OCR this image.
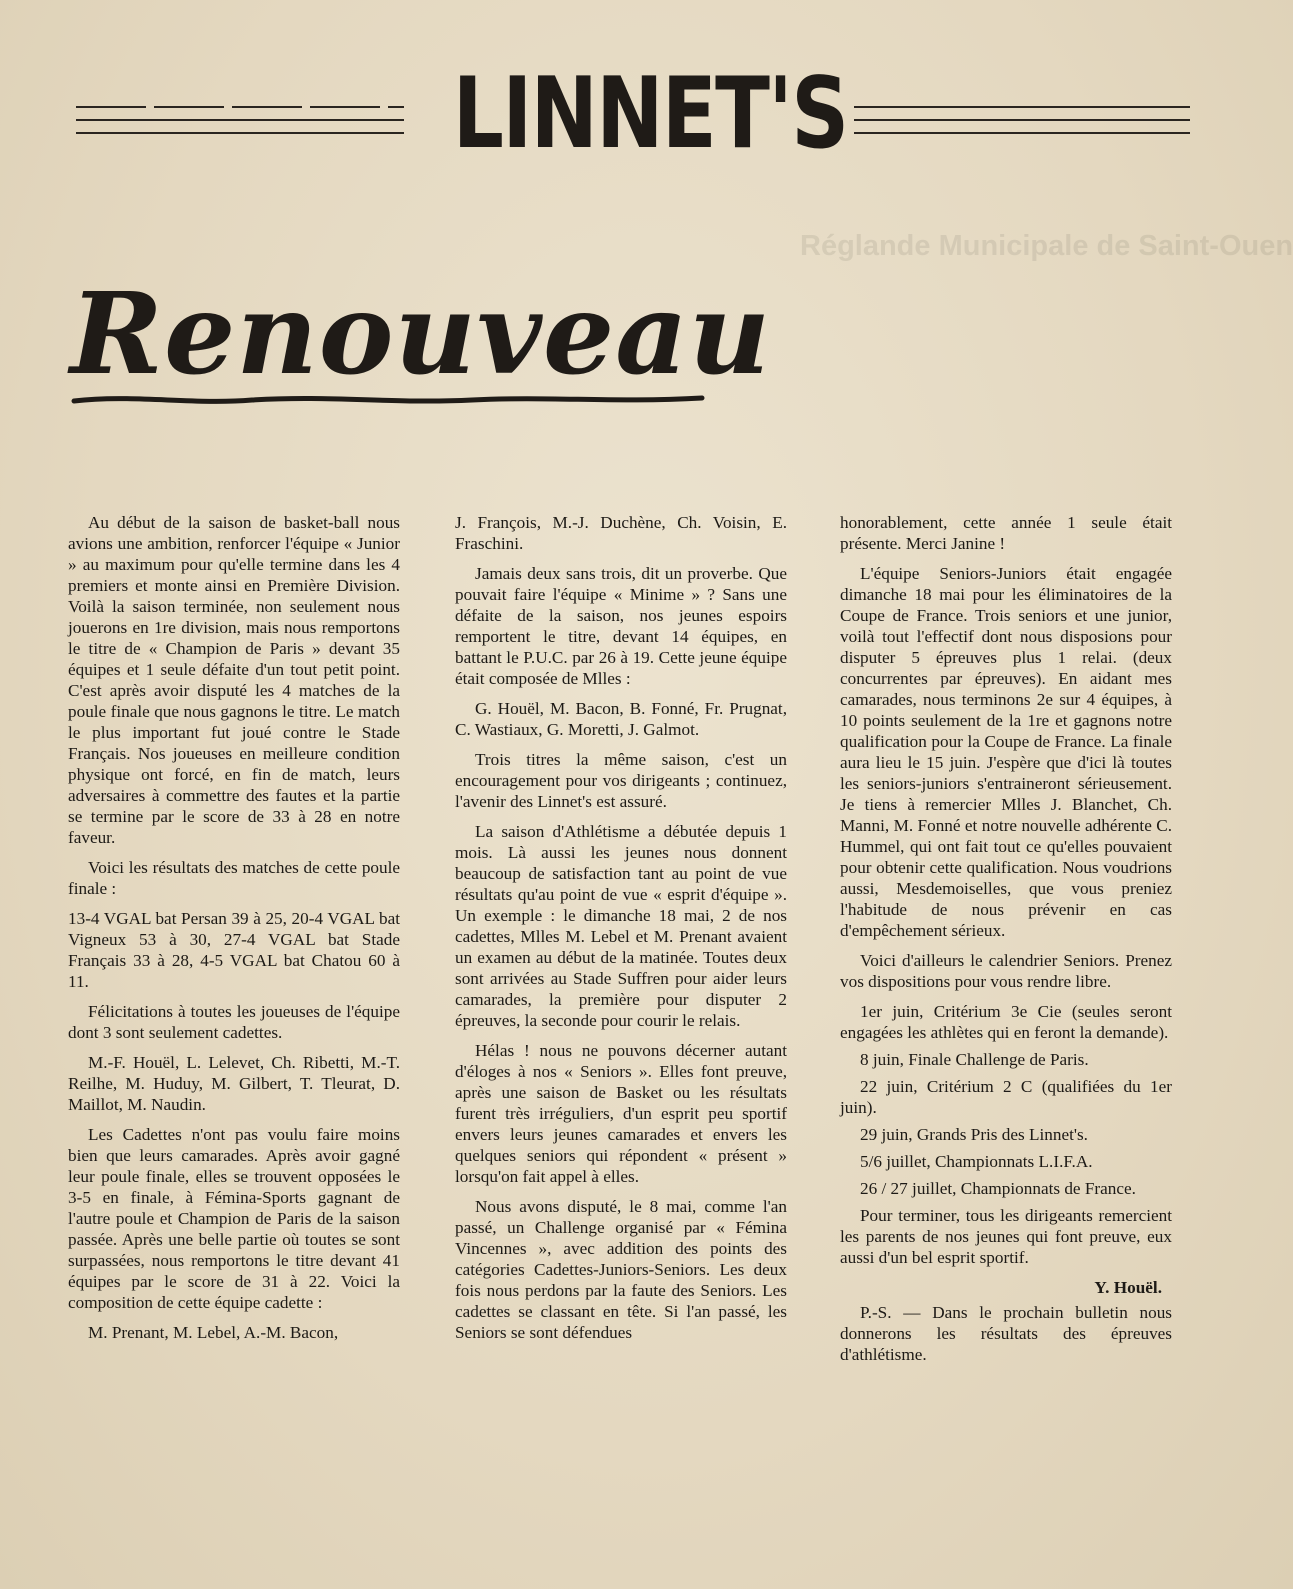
LINNET'S
Réglande Municipale de Saint-Ouen
Renouveau

Au début de la saison de basket-ball nous avions une ambition, renforcer l'équipe « Junior » au maximum pour qu'elle termine dans les 4 premiers et monte ainsi en Première Division. Voilà la saison terminée, non seulement nous jouerons en 1re division, mais nous remportons le titre de « Champion de Paris » devant 35 équipes et 1 seule défaite d'un tout petit point. C'est après avoir disputé les 4 matches de la poule finale que nous gagnons le titre. Le match le plus important fut joué contre le Stade Français. Nos joueuses en meilleure condition physique ont forcé, en fin de match, leurs adversaires à commettre des fautes et la partie se termine par le score de 33 à 28 en notre faveur.

Voici les résultats des matches de cette poule finale :

13-4 VGAL bat Persan 39 à 25, 20-4 VGAL bat Vigneux 53 à 30, 27-4 VGAL bat Stade Français 33 à 28, 4-5 VGAL bat Chatou 60 à 11.

Félicitations à toutes les joueuses de l'équipe dont 3 sont seulement cadettes.

M.-F. Houël, L. Lelevet, Ch. Ribetti, M.-T. Reilhe, M. Huduy, M. Gilbert, T. Tleurat, D. Maillot, M. Naudin.

Les Cadettes n'ont pas voulu faire moins bien que leurs camarades. Après avoir gagné leur poule finale, elles se trouvent opposées le 3-5 en finale, à Fémina-Sports gagnant de l'autre poule et Champion de Paris de la saison passée. Après une belle partie où toutes se sont surpassées, nous remportons le titre devant 41 équipes par le score de 31 à 22. Voici la composition de cette équipe cadette :

M. Prenant, M. Lebel, A.-M. Bacon,

J. François, M.-J. Duchène, Ch. Voisin, E. Fraschini.

Jamais deux sans trois, dit un proverbe. Que pouvait faire l'équipe « Minime » ? Sans une défaite de la saison, nos jeunes espoirs remportent le titre, devant 14 équipes, en battant le P.U.C. par 26 à 19. Cette jeune équipe était composée de Mlles :

G. Houël, M. Bacon, B. Fonné, Fr. Prugnat, C. Wastiaux, G. Moretti, J. Galmot.

Trois titres la même saison, c'est un encouragement pour vos dirigeants ; continuez, l'avenir des Linnet's est assuré.

La saison d'Athlétisme a débutée depuis 1 mois. Là aussi les jeunes nous donnent beaucoup de satisfaction tant au point de vue résultats qu'au point de vue « esprit d'équipe ». Un exemple : le dimanche 18 mai, 2 de nos cadettes, Mlles M. Lebel et M. Prenant avaient un examen au début de la matinée. Toutes deux sont arrivées au Stade Suffren pour aider leurs camarades, la première pour disputer 2 épreuves, la seconde pour courir le relais.

Hélas ! nous ne pouvons décerner autant d'éloges à nos « Seniors ». Elles font preuve, après une saison de Basket ou les résultats furent très irréguliers, d'un esprit peu sportif envers leurs jeunes camarades et envers les quelques seniors qui répondent « présent » lorsqu'on fait appel à elles.

Nous avons disputé, le 8 mai, comme l'an passé, un Challenge organisé par « Fémina Vincennes », avec addition des points des catégories Cadettes-Juniors-Seniors. Les deux fois nous perdons par la faute des Seniors. Les cadettes se classant en tête. Si l'an passé, les Seniors se sont défendues

honorablement, cette année 1 seule était présente. Merci Janine !

L'équipe Seniors-Juniors était engagée dimanche 18 mai pour les éliminatoires de la Coupe de France. Trois seniors et une junior, voilà tout l'effectif dont nous disposions pour disputer 5 épreuves plus 1 relai. (deux concurrentes par épreuves). En aidant mes camarades, nous terminons 2e sur 4 équipes, à 10 points seulement de la 1re et gagnons notre qualification pour la Coupe de France. La finale aura lieu le 15 juin. J'espère que d'ici là toutes les seniors-juniors s'entraineront sérieusement. Je tiens à remercier Mlles J. Blanchet, Ch. Manni, M. Fonné et notre nouvelle adhérente C. Hummel, qui ont fait tout ce qu'elles pouvaient pour obtenir cette qualification. Nous voudrions aussi, Mesdemoiselles, que vous preniez l'habitude de nous prévenir en cas d'empêchement sérieux.

Voici d'ailleurs le calendrier Seniors. Prenez vos dispositions pour vous rendre libre.

1er juin, Critérium 3e Cie (seules seront engagées les athlètes qui en feront la demande).

8 juin, Finale Challenge de Paris.

22 juin, Critérium 2 C (qualifiées du 1er juin).

29 juin, Grands Pris des Linnet's.

5/6 juillet, Championnats L.I.F.A.

26 / 27 juillet, Championnats de France.

Pour terminer, tous les dirigeants remercient les parents de nos jeunes qui font preuve, eux aussi d'un bel esprit sportif.

Y. Houël.

P.-S. — Dans le prochain bulletin nous donnerons les résultats des épreuves d'athlétisme.
